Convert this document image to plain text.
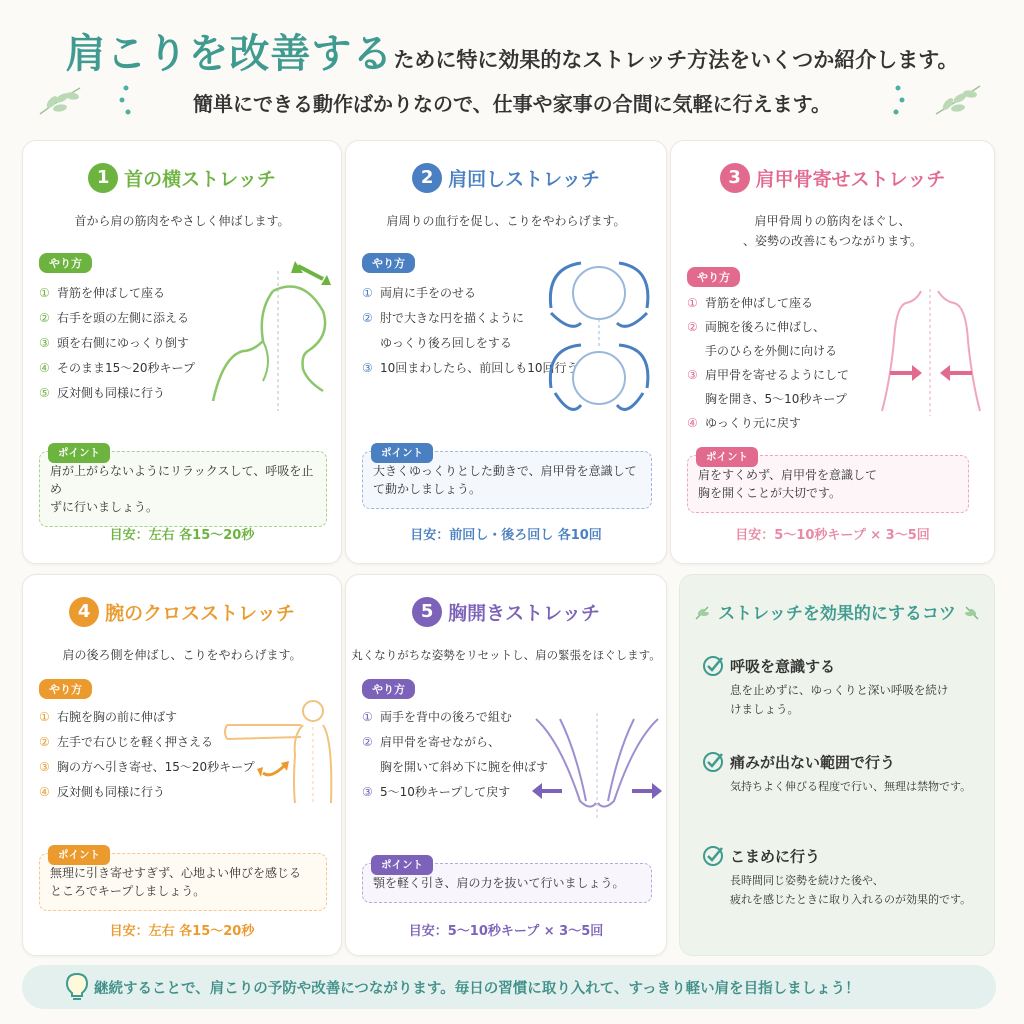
肩こりを改善するために特に効果的なストレッチ方法をいくつか紹介します。
簡単にできる動作ばかりなので、仕事や家事の合間に気軽に行えます。
1 首の横ストレッチ
首から肩の筋肉をやさしく伸ばします。
やり方
① 背筋を伸ばして座る
② 右手を頭の左側に添える
③ 頭を右側にゆっくり倒す
④ そのまま15〜20秒キープ
⑤ 反対側も同様に行う
ポイント
肩が上がらないようにリラックスして、呼吸を止め
ずに行いましょう。
目安：左右 各15〜20秒
2 肩回しストレッチ
肩周りの血行を促し、こりをやわらげます。
やり方
① 両肩に手をのせる
② 肘で大きな円を描くように
ゆっくり後ろ回しをする
③ 10回まわしたら、前回しも10回行う
ポイント
大きくゆっくりとした動きで、肩甲骨を意識して
て動かしましょう。
目安：前回し・後ろ回し 各10回
3 肩甲骨寄せストレッチ
肩甲骨周りの筋肉をほぐし、
、姿勢の改善にもつながります。
やり方
① 背筋を伸ばして座る
② 両腕を後ろに伸ばし、
手のひらを外側に向ける
③ 肩甲骨を寄せるようにして
胸を開き、5〜10秒キープ
④ ゆっくり元に戻す
ポイント
肩をすくめず、肩甲骨を意識して
胸を開くことが大切です。
目安：5〜10秒キープ × 3〜5回
4 腕のクロスストレッチ
肩の後ろ側を伸ばし、こりをやわらげます。
やり方
① 右腕を胸の前に伸ばす
② 左手で右ひじを軽く押さえる
③ 胸の方へ引き寄せ、15〜20秒キープ
④ 反対側も同様に行う
ポイント
無理に引き寄せすぎず、心地よい伸びを感じる
ところでキープしましょう。
目安：左右 各15〜20秒
5 胸開きストレッチ
丸くなりがちな姿勢をリセットし、肩の緊張をほぐします。
やり方
① 両手を背中の後ろで組む
② 肩甲骨を寄せながら、
胸を開いて斜め下に腕を伸ばす
③ 5〜10秒キープして戻す
ポイント
顎を軽く引き、肩の力を抜いて行いましょう。
目安：5〜10秒キープ × 3〜5回
ストレッチを効果的にするコツ
呼吸を意識する
息を止めずに、ゆっくりと深い呼吸を続け
けましょう。
痛みが出ない範囲で行う
気持ちよく伸びる程度で行い、無理は禁物です。
こまめに行う
長時間同じ姿勢を続けた後や、
疲れを感じたときに取り入れるのが効果的です。
継続することで、肩こりの予防や改善につながります。毎日の習慣に取り入れて、すっきり軽い肩を目指しましょう！
